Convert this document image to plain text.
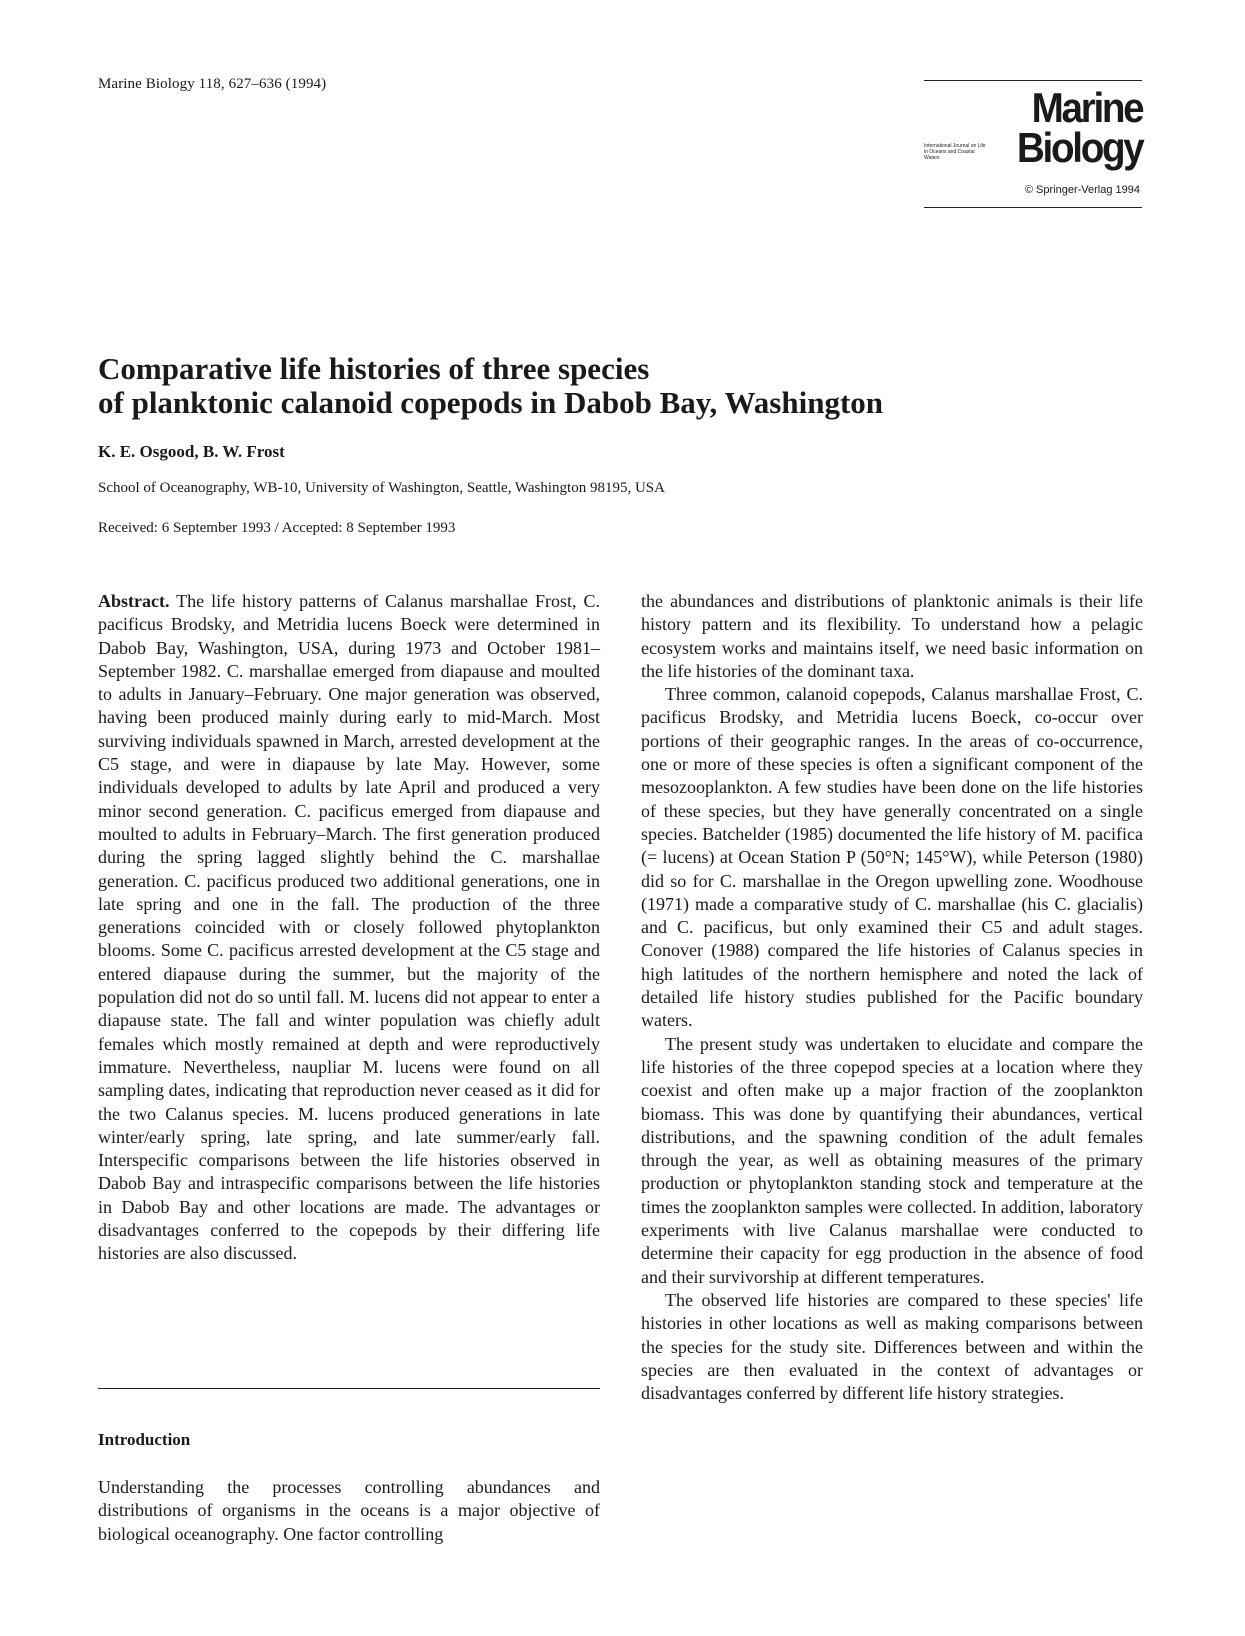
Marine Biology 118, 627–636 (1994)	Marine
International Journal on Life in Oceans and Coastal Waters	Biology
© Springer-Verlag 1994
Comparative life histories of three species
of planktonic calanoid copepods in Dabob Bay, Washington
K. E. Osgood, B. W. Frost
School of Oceanography, WB-10, University of Washington, Seattle, Washington 98195, USA
Received: 6 September 1993 / Accepted: 8 September 1993

Abstract. The life history patterns of Calanus marshallae Frost, C. pacificus Brodsky, and Metridia lucens Boeck were determined in Dabob Bay, Washington, USA, during 1973 and October 1981–September 1982. C. marshallae emerged from diapause and moulted to adults in January–February. One major generation was observed, having been produced mainly during early to mid-March. Most surviving individuals spawned in March, arrested development at the C5 stage, and were in diapause by late May. However, some individuals developed to adults by late April and produced a very minor second generation. C. pacificus emerged from diapause and moulted to adults in February–March. The first generation produced during the spring lagged slightly behind the C. marshallae generation. C. pacificus produced two additional generations, one in late spring and one in the fall. The production of the three generations coincided with or closely followed phytoplankton blooms. Some C. pacificus arrested development at the C5 stage and entered diapause during the summer, but the majority of the population did not do so until fall. M. lucens did not appear to enter a diapause state. The fall and winter population was chiefly adult females which mostly remained at depth and were reproductively immature. Nevertheless, naupliar M. lucens were found on all sampling dates, indicating that reproduction never ceased as it did for the two Calanus species. M. lucens produced generations in late winter/early spring, late spring, and late summer/early fall. Interspecific comparisons between the life histories observed in Dabob Bay and intraspecific comparisons between the life histories in Dabob Bay and other locations are made. The advantages or disadvantages conferred to the copepods by their differing life histories are also discussed.

Introduction
Understanding the processes controlling abundances and distributions of organisms in the oceans is a major objective of biological oceanography. One factor controlling

the abundances and distributions of planktonic animals is their life history pattern and its flexibility. To understand how a pelagic ecosystem works and maintains itself, we need basic information on the life histories of the dominant taxa.

Three common, calanoid copepods, Calanus marshallae Frost, C. pacificus Brodsky, and Metridia lucens Boeck, co-occur over portions of their geographic ranges. In the areas of co-occurrence, one or more of these species is often a significant component of the mesozooplankton. A few studies have been done on the life histories of these species, but they have generally concentrated on a single species. Batchelder (1985) documented the life history of M. pacifica (= lucens) at Ocean Station P (50°N; 145°W), while Peterson (1980) did so for C. marshallae in the Oregon upwelling zone. Woodhouse (1971) made a comparative study of C. marshallae (his C. glacialis) and C. pacificus, but only examined their C5 and adult stages. Conover (1988) compared the life histories of Calanus species in high latitudes of the northern hemisphere and noted the lack of detailed life history studies published for the Pacific boundary waters.

The present study was undertaken to elucidate and compare the life histories of the three copepod species at a location where they coexist and often make up a major fraction of the zooplankton biomass. This was done by quantifying their abundances, vertical distributions, and the spawning condition of the adult females through the year, as well as obtaining measures of the primary production or phytoplankton standing stock and temperature at the times the zooplankton samples were collected. In addition, laboratory experiments with live Calanus marshallae were conducted to determine their capacity for egg production in the absence of food and their survivorship at different temperatures.

The observed life histories are compared to these species' life histories in other locations as well as making comparisons between the species for the study site. Differences between and within the species are then evaluated in the context of advantages or disadvantages conferred by different life history strategies.
